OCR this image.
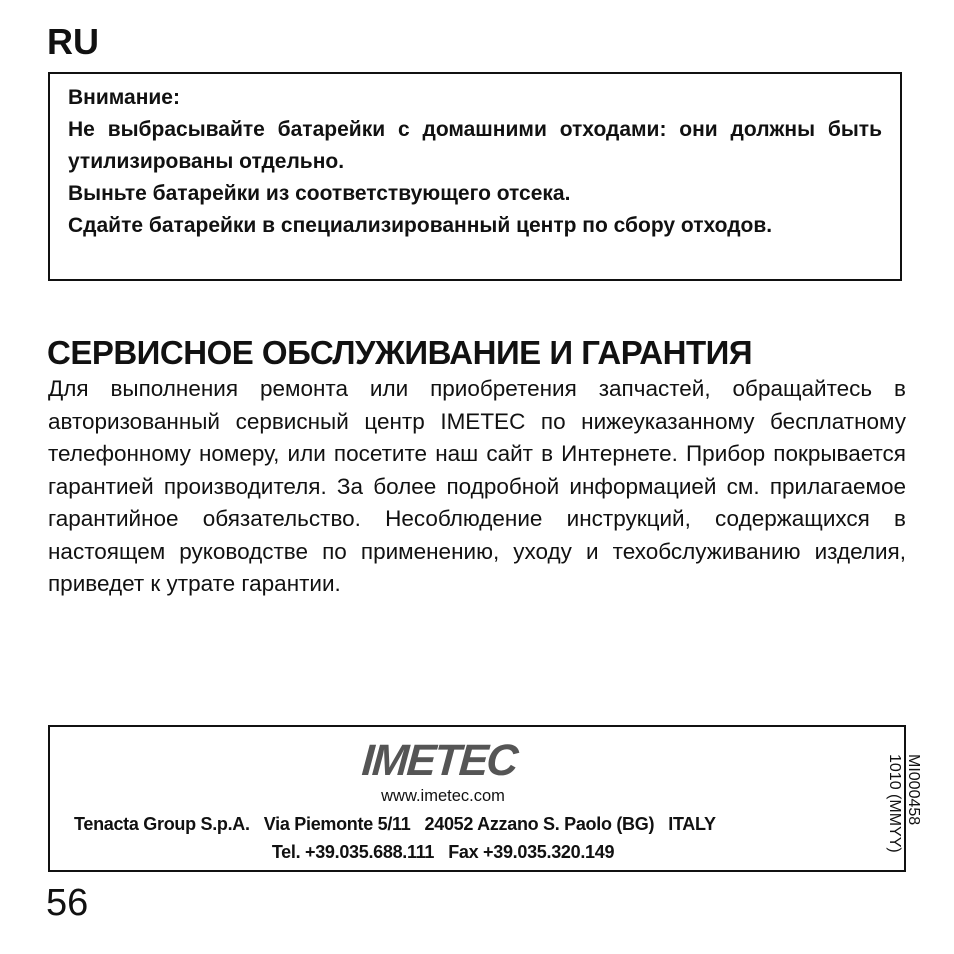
RU

Внимание:

Не выбрасывайте батарейки с домашними отходами: они должны быть утилизированы отдельно.

Выньте батарейки из соответствующего отсека.

Сдайте батарейки в специализированный центр по сбору отходов.

СЕРВИСНОЕ ОБСЛУЖИВАНИЕ И ГАРАНТИЯ

Для выполнения ремонта или приобретения запчастей, обращайтесь в авторизованный сервисный центр IMETEC по нижеуказанному бесплатному телефонному номеру, или посетите наш сайт в Интернете. Прибор покрывается гарантией производителя. За более подробной информацией см. прилагаемое гарантийное обязательство. Несоблюдение инструкций, содержащихся в настоящем руководстве по применению, уходу и техобслуживанию изделия, приведет к утрате гарантии.

IMETEC
www.imetec.com
Tenacta Group S.p.A.   Via Piemonte 5/11   24052 Azzano S. Paolo (BG)   ITALY
Tel. +39.035.688.111   Fax +39.035.320.149
MI000458
1010 (MMYY)
56
